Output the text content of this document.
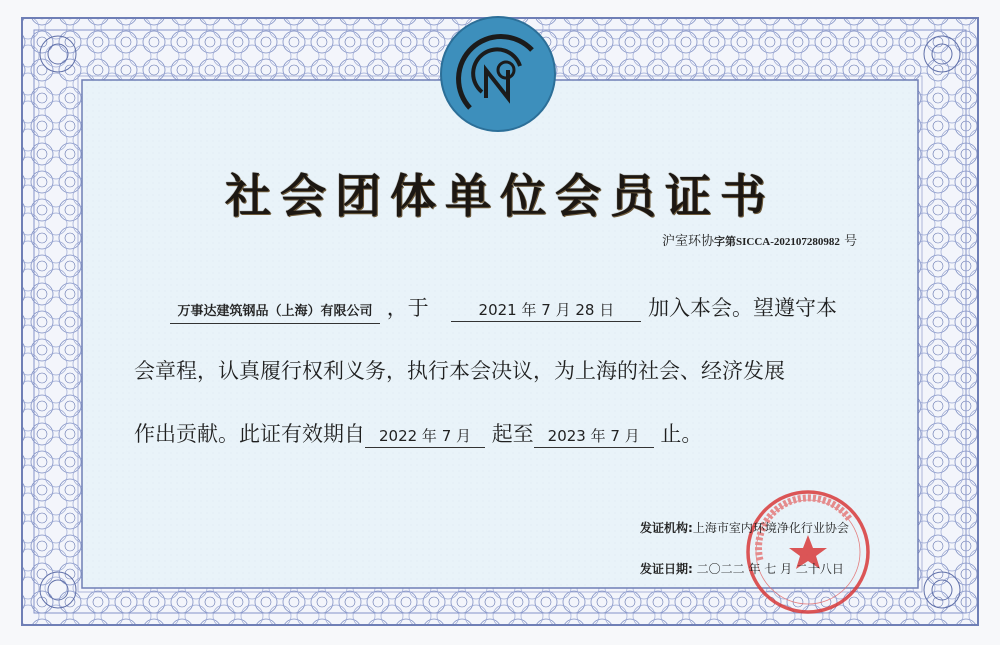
社会团体单位会员证书
沪室环协字第SICCA-202107280982 号
万事达建筑钢品（上海）有限公司 ，于	2021 年 7 月 28 日 加入本会。望遵守本
会章程，认真履行权利义务，执行本会决议，为上海的社会、经济发展
作出贡献。此证有效期自 2022 年 7 月 起至 2023 年 7 月 止。
发证机构:上海市室内环境净化行业协会
发证日期: 二〇二二 年 七 月 二十八日
